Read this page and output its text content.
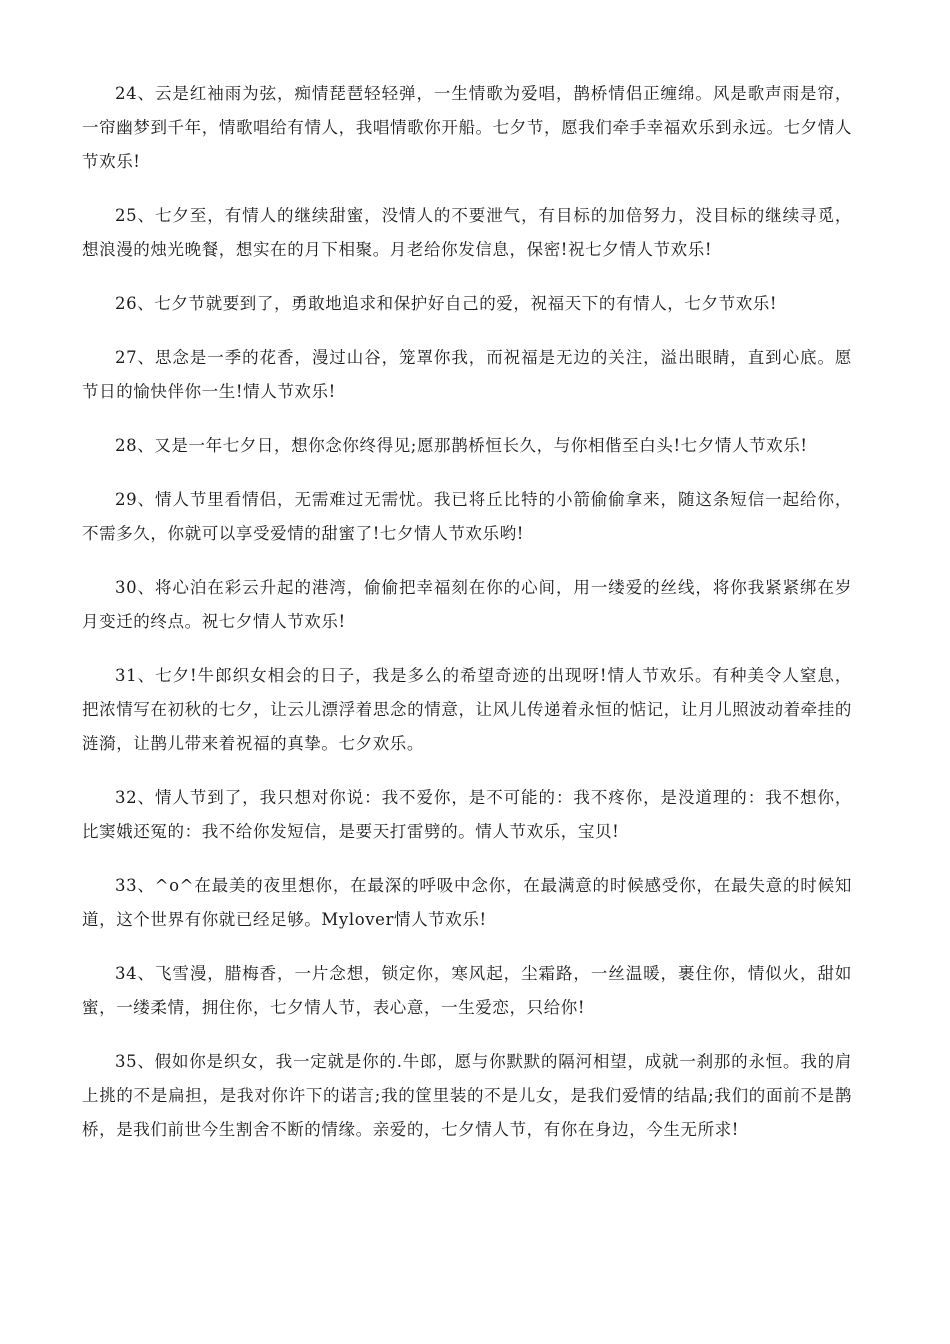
24、云是红袖雨为弦，痴情琵琶轻轻弹，一生情歌为爱唱，鹊桥情侣正缠绵。风是歌声雨是帘，一帘幽梦到千年，情歌唱给有情人，我唱情歌你开船。七夕节，愿我们牵手幸福欢乐到永远。七夕情人节欢乐!

25、七夕至，有情人的继续甜蜜，没情人的不要泄气，有目标的加倍努力，没目标的继续寻觅，想浪漫的烛光晚餐，想实在的月下相聚。月老给你发信息，保密!祝七夕情人节欢乐!

26、七夕节就要到了，勇敢地追求和保护好自己的爱，祝福天下的有情人，七夕节欢乐!

27、思念是一季的花香，漫过山谷，笼罩你我，而祝福是无边的关注，溢出眼睛，直到心底。愿节日的愉快伴你一生!情人节欢乐!

28、又是一年七夕日，想你念你终得见;愿那鹊桥恒长久，与你相偕至白头!七夕情人节欢乐!

29、情人节里看情侣，无需难过无需忧。我已将丘比特的小箭偷偷拿来，随这条短信一起给你，不需多久，你就可以享受爱情的甜蜜了!七夕情人节欢乐哟!

30、将心泊在彩云升起的港湾，偷偷把幸福刻在你的心间，用一缕爱的丝线，将你我紧紧绑在岁月变迁的终点。祝七夕情人节欢乐!

31、七夕!牛郎织女相会的日子，我是多么的希望奇迹的出现呀!情人节欢乐。有种美令人窒息，把浓情写在初秋的七夕，让云儿漂浮着思念的情意，让风儿传递着永恒的惦记，让月儿照波动着牵挂的涟漪，让鹊儿带来着祝福的真挚。七夕欢乐。

32、情人节到了，我只想对你说：我不爱你，是不可能的：我不疼你，是没道理的：我不想你，比窦娥还冤的：我不给你发短信，是要天打雷劈的。情人节欢乐，宝贝!

33、^o^在最美的夜里想你，在最深的呼吸中念你，在最满意的时候感受你，在最失意的时候知道，这个世界有你就已经足够。Mylover情人节欢乐!

34、飞雪漫，腊梅香，一片念想，锁定你，寒风起，尘霜路，一丝温暖，裹住你，情似火，甜如蜜，一缕柔情，拥住你，七夕情人节，表心意，一生爱恋，只给你!

35、假如你是织女，我一定就是你的.牛郎，愿与你默默的隔河相望，成就一刹那的永恒。我的肩上挑的不是扁担，是我对你许下的诺言;我的筐里装的不是儿女，是我们爱情的结晶;我们的面前不是鹊桥，是我们前世今生割舍不断的情缘。亲爱的，七夕情人节，有你在身边，今生无所求!
